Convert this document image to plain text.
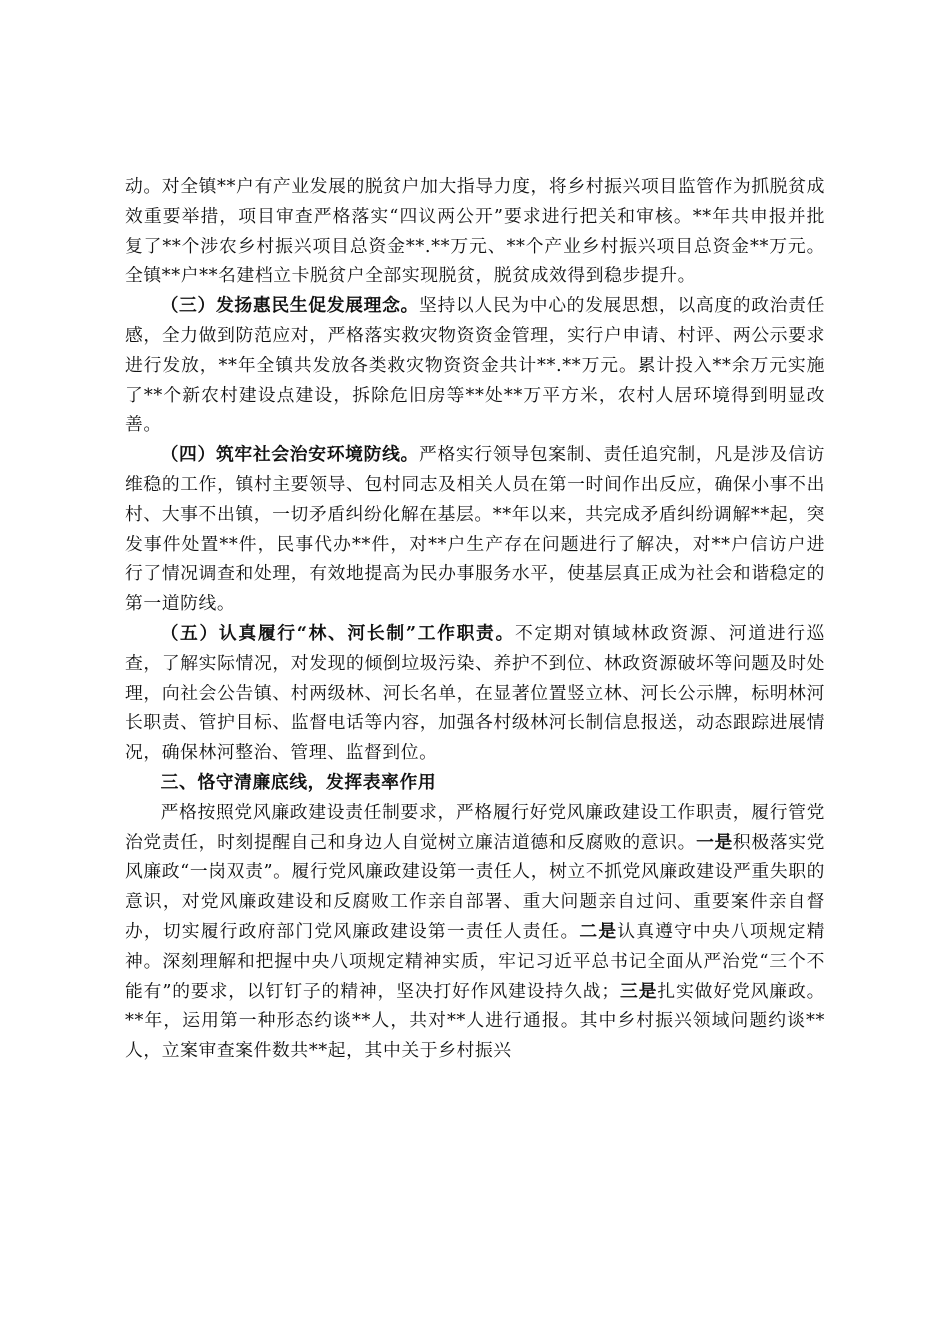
动。对全镇**户有产业发展的脱贫户加大指导力度，将乡村振兴项目监管作为抓脱贫成效重要举措，项目审查严格落实“四议两公开”要求进行把关和审核。**年共申报并批复了**个涉农乡村振兴项目总资金**.**万元、**个产业乡村振兴项目总资金**万元。全镇**户**名建档立卡脱贫户全部实现脱贫，脱贫成效得到稳步提升。

（三）发扬惠民生促发展理念。坚持以人民为中心的发展思想，以高度的政治责任感，全力做到防范应对，严格落实救灾物资资金管理，实行户申请、村评、两公示要求进行发放，**年全镇共发放各类救灾物资资金共计**.**万元。累计投入**余万元实施了**个新农村建设点建设，拆除危旧房等**处**万平方米，农村人居环境得到明显改善。

（四）筑牢社会治安环境防线。严格实行领导包案制、责任追究制，凡是涉及信访维稳的工作，镇村主要领导、包村同志及相关人员在第一时间作出反应，确保小事不出村、大事不出镇，一切矛盾纠纷化解在基层。**年以来，共完成矛盾纠纷调解**起，突发事件处置**件，民事代办**件，对**户生产存在问题进行了解决，对**户信访户进行了情况调查和处理，有效地提高为民办事服务水平，使基层真正成为社会和谐稳定的第一道防线。

（五）认真履行“林、河长制”工作职责。不定期对镇域林政资源、河道进行巡查，了解实际情况，对发现的倾倒垃圾污染、养护不到位、林政资源破坏等问题及时处理，向社会公告镇、村两级林、河长名单，在显著位置竖立林、河长公示牌，标明林河长职责、管护目标、监督电话等内容，加强各村级林河长制信息报送，动态跟踪进展情况，确保林河整治、管理、监督到位。

三、恪守清廉底线，发挥表率作用

严格按照党风廉政建设责任制要求，严格履行好党风廉政建设工作职责，履行管党治党责任，时刻提醒自己和身边人自觉树立廉洁道德和反腐败的意识。一是积极落实党风廉政“一岗双责”。履行党风廉政建设第一责任人，树立不抓党风廉政建设严重失职的意识，对党风廉政建设和反腐败工作亲自部署、重大问题亲自过问、重要案件亲自督办，切实履行政府部门党风廉政建设第一责任人责任。二是认真遵守中央八项规定精神。深刻理解和把握中央八项规定精神实质，牢记习近平总书记全面从严治党“三个不能有”的要求，以钉钉子的精神，坚决打好作风建设持久战；三是扎实做好党风廉政。**年，运用第一种形态约谈**人，共对**人进行通报。其中乡村振兴领域问题约谈**人，立案审查案件数共**起，其中关于乡村振兴
